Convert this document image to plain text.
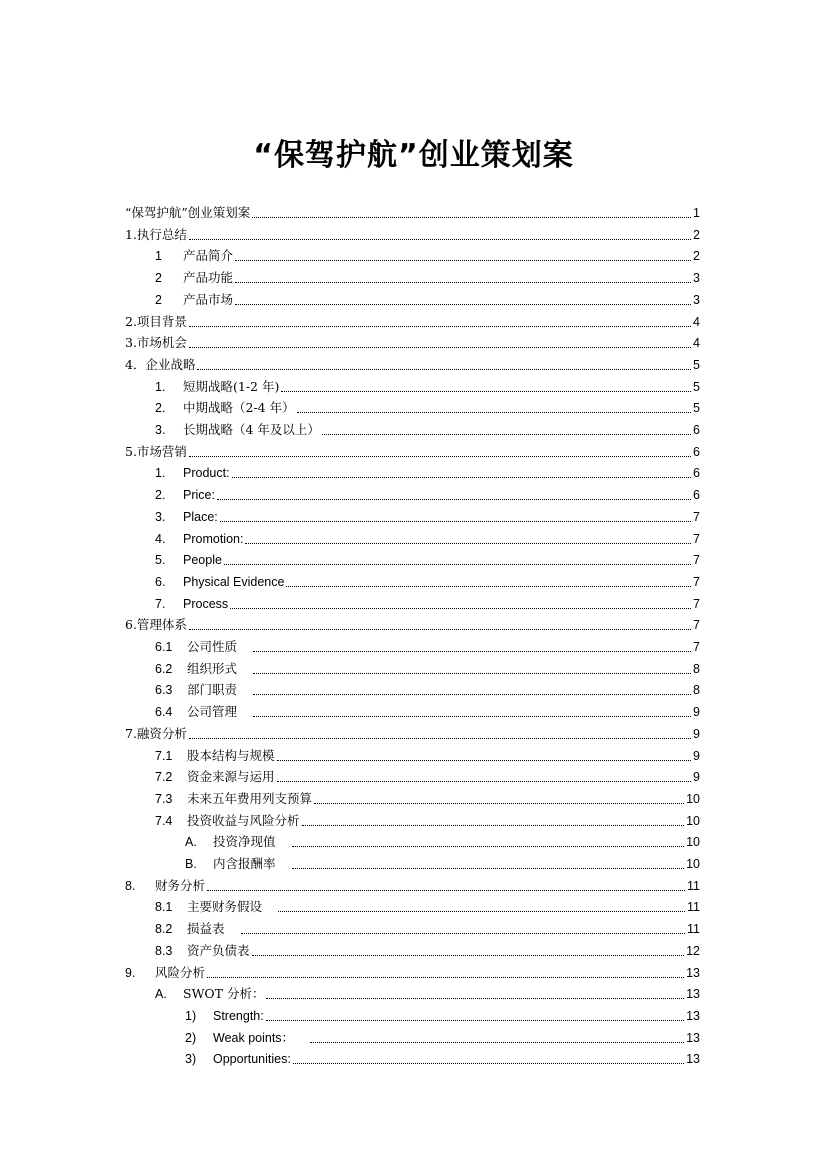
“保驾护航”创业策划案
“保驾护航”创业策划案	1
1.执行总结	2
1	产品简介	2
2	产品功能	3
2	产品市场	3
2.项目背景	4
3.市场机会	4
4．企业战略	5
1.	短期战略(1-2 年)	5
2.	中期战略（2-4 年）	5
3.	长期战略（4 年及以上）	6
5.市场营销	6
1.	Product:	6
2.	Price:	6
3.	Place:	7
4.	Promotion:	7
5.	People	7
6.	Physical Evidence	7
7.	Process	7
6.管理体系	7
6.1	公司性质	7
6.2	组织形式	8
6.3	部门职责	8
6.4	公司管理	9
7.融资分析	9
7.1	股本结构与规模	9
7.2	资金来源与运用	9
7.3	未来五年费用列支预算	10
7.4	投资收益与风险分析	10
A.	投资净现值	10
B.	内含报酬率	10
8.	财务分析	11
8.1	主要财务假设	11
8.2	损益表	11
8.3	资产负债表	12
9.	风险分析	13
A.	SWOT 分析：	13
1)	Strength:	13
2)	Weak points：	13
3)	Opportunities:	13
